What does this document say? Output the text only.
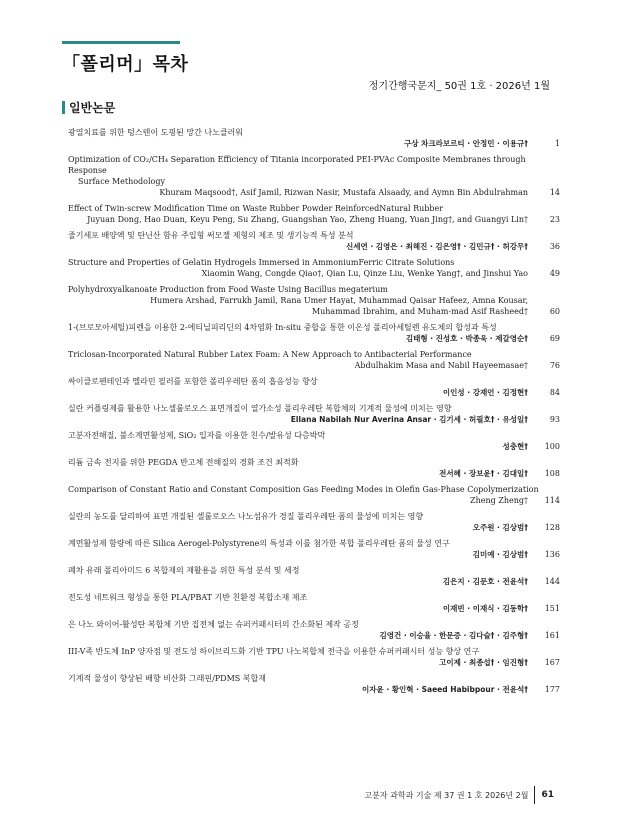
「폴리머」목차
정기간행국문지_ 50권 1호 · 2026년 1월
일반논문
광열치료를 위한 텅스텐이 도핑된 망간 나노클러워
구상 차크라보르티 · 안정민 · 이용규†	1
Optimization of CO₂/CH₄ Separation Efficiency of Titania incorporated PEI-PVAc Composite Membranes through Response
Surface Methodology
Khuram Maqsood†, Asif Jamil, Rizwan Nasir, Mustafa Alsaady, and Aymn Bin Abdulrahman	14
Effect of Twin-screw Modification Time on Waste Rubber Powder ReinforcedNatural Rubber
Juyuan Dong, Hao Duan, Keyu Peng, Su Zhang, Guangshan Yao, Zheng Huang, Yuan Jing†, and Guangyi Lin†	23
줄기세포 배양액 및 탄닌산 함유 주입형 써모젤 제형의 제조 및 생기능적 특성 분석
신세연 · 김영은 · 최해진 · 김은영† · 김민규† · 허강무†	36
Structure and Properties of Gelatin Hydrogels Immersed in AmmoniumFerric Citrate Solutions
Xiaomin Wang, Congde Qiao†, Qian Lu, Qinze Liu, Wenke Yang†, and Jinshui Yao	49
Polyhydroxyalkanoate Production from Food Waste Using Bacillus megaterium
Humera Arshad, Farrukh Jamil, Rana Umer Hayat, Muhammad Qaisar Hafeez, Amna Kousar,
Muhammad Ibrahim, and Muham-mad Asif Rasheed†	60
1-(브로모아세틸)피렌을 이용한 2-에티닐피리딘의 4차염화 In-situ 중합을 통한 이온성 폴리아세틸렌 유도체의 합성과 특성
김태형 · 진성호 · 박종욱 · 제갈영순†	69
Triclosan-Incorporated Natural Rubber Latex Foam: A New Approach to Antibacterial Performance
Abdulhakim Masa and Nabil Hayeemasae†	76
싸이클로펜테인과 멜라민 필러를 포함한 폴리우레탄 폼의 흡음성능 향상
이인성 · 강재언 · 김정현†	84
실란 커플링제를 활용한 나노셀룰로오스 표면개질이 열가소성 폴리우레탄 복합체의 기계적 물성에 미치는 영향
Ellana Nabilah Nur Averina Ansar · 김기세 · 허필호† · 유성일†	93
고분자전해질, 불소계면활성제, SiO₂ 입자를 이용한 친수/발유성 다층박막
성충현†	100
리튬 금속 전지를 위한 PEGDA 반고체 전해질의 경화 조건 최적화
전서혜 · 장보윤† · 김대일†	108
Comparison of Constant Ratio and Constant Composition Gas Feeding Modes in Olefin Gas-Phase Copolymerization
Zheng Zheng†	114
실란의 농도를 달리하여 표면 개질된 셀룰로오스 나노섬유가 경질 폴리우레탄 폼의 물성에 미치는 영향
오주원 · 김상범†	128
계면활성제 함량에 따른 Silica Aerogel-Polystyrene의 특성과 이를 첨가한 복합 폴리우레탄 폼의 물성 연구
김미예 · 김상범†	136
폐차 유래 폴리아미드 6 복합재의 재활용을 위한 특성 분석 및 세정
김은지 · 김문호 · 전윤석†	144
전도성 네트워크 형성을 통한 PLA/PBAT 기반 친환경 복합소재 제조
이재빈 · 이재식 · 김동학†	151
은 나노 와이어-활성탄 복합체 기반 집전체 없는 슈퍼커패시터의 간소화된 제작 공정
김영건 · 이승율 · 한문증 · 김다슬† · 김주형†	161
III-V족 반도체 InP 양자점 및 전도성 하이브리드화 기반 TPU 나노복합체 전극을 이용한 슈퍼커패시터 성능 향상 연구
고이제 · 최종섭† · 임진형†	167
기계적 물성이 향상된 배향 비산화 그래핀/PDMS 복합재
이자윤 · 황인혁 · Saeed Habibpour · 전윤석†	177
고분자 과학과 기술 제 37 권 1 호 2026년 2월 61
